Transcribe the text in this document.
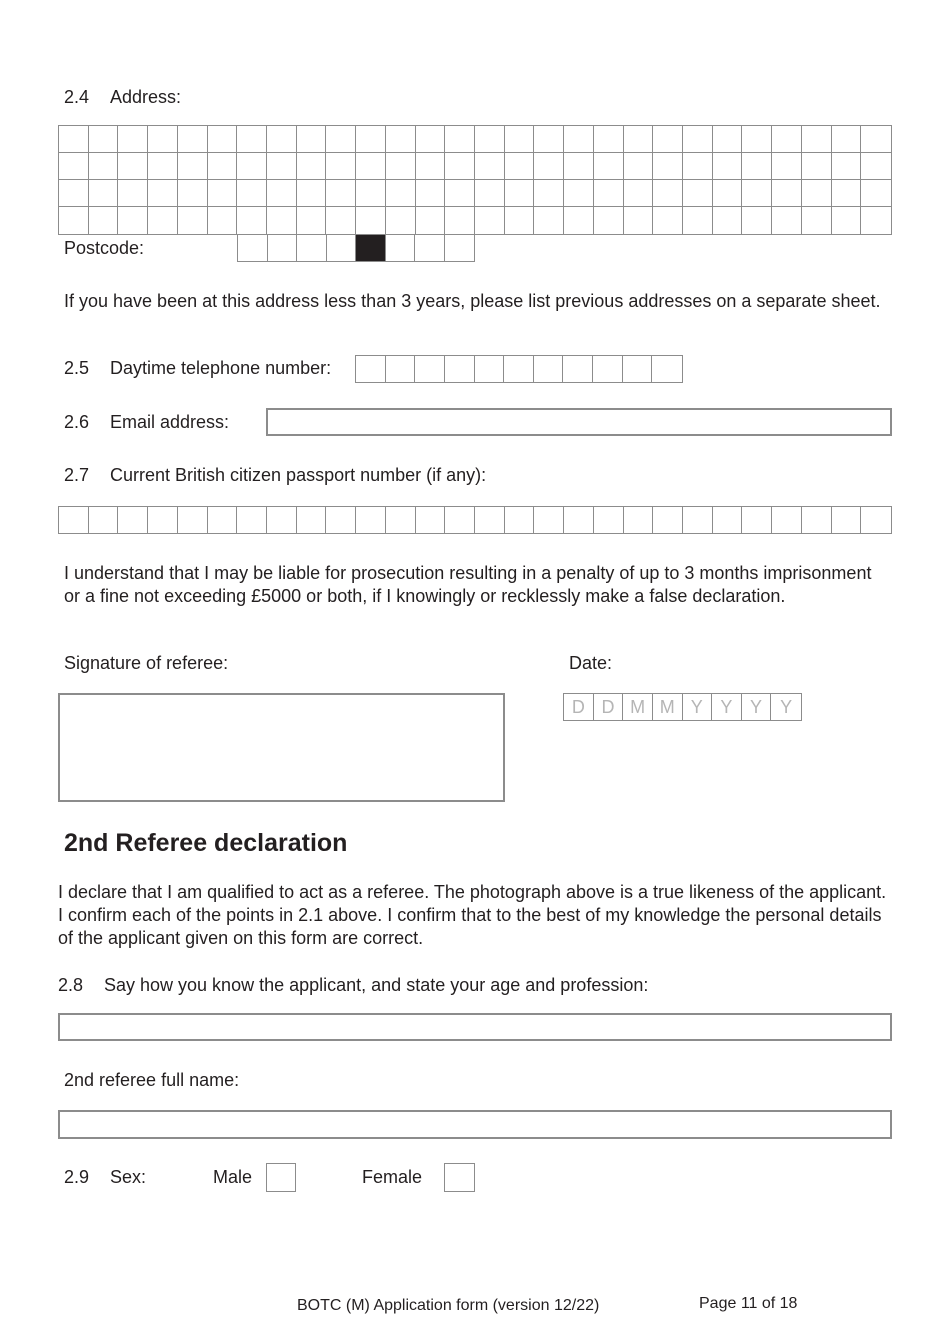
2.4 Address:
Postcode:
If you have been at this address less than 3 years, please list previous addresses on a separate sheet.
2.5 Daytime telephone number:
2.6 Email address:
2.7 Current British citizen passport number (if any):
I understand that I may be liable for prosecution resulting in a penalty of up to 3 months imprisonment or a fine not exceeding £5000 or both, if I knowingly or recklessly make a false declaration.
Signature of referee:	Date:
D D M M Y Y Y	Y
2nd Referee declaration
I declare that I am qualified to act as a referee. The photograph above is a true likeness of the applicant. I confirm each of the points in 2.1 above. I confirm that to the best of my knowledge the personal details of the applicant given on this form are correct.
2.8 Say how you know the applicant, and state your age and profession:
2nd referee full name:
2.9 Sex:	Male	Female
BOTC (M) Application form (version 12/22)	Page 11 of 18
